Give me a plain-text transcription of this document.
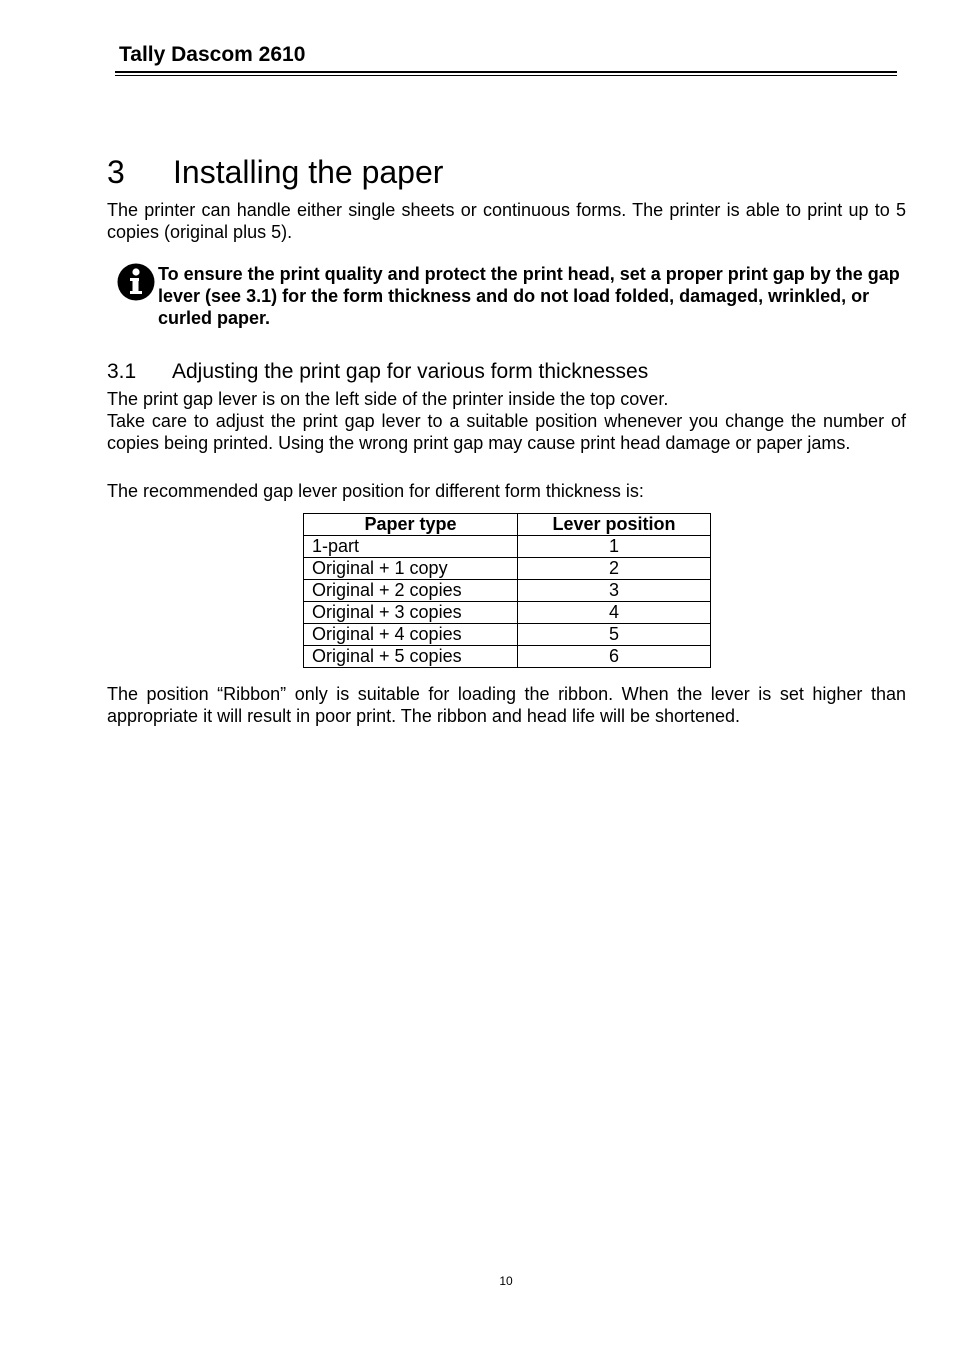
Tally Dascom 2610
3 Installing the paper
The printer can handle either single sheets or continuous forms. The printer is able to print up to 5 copies (original plus 5).
To ensure the print quality and protect the print head, set a proper print gap by the gap lever (see 3.1) for the form thickness and do not load folded, damaged, wrinkled, or curled paper.
3.1 Adjusting the print gap for various form thicknesses
The print gap lever is on the left side of the printer inside the top cover.
Take care to adjust the print gap lever to a suitable position whenever you change the number of copies being printed. Using the wrong print gap may cause print head damage or paper jams.
The recommended gap lever position for different form thickness is:
Paper type	Lever position
1-part	1
Original + 1 copy	2
Original + 2 copies	3
Original + 3 copies	4
Original + 4 copies	5
Original + 5 copies	6
The position “Ribbon” only is suitable for loading the ribbon. When the lever is set higher than appropriate it will result in poor print. The ribbon and head life will be shortened.
10
